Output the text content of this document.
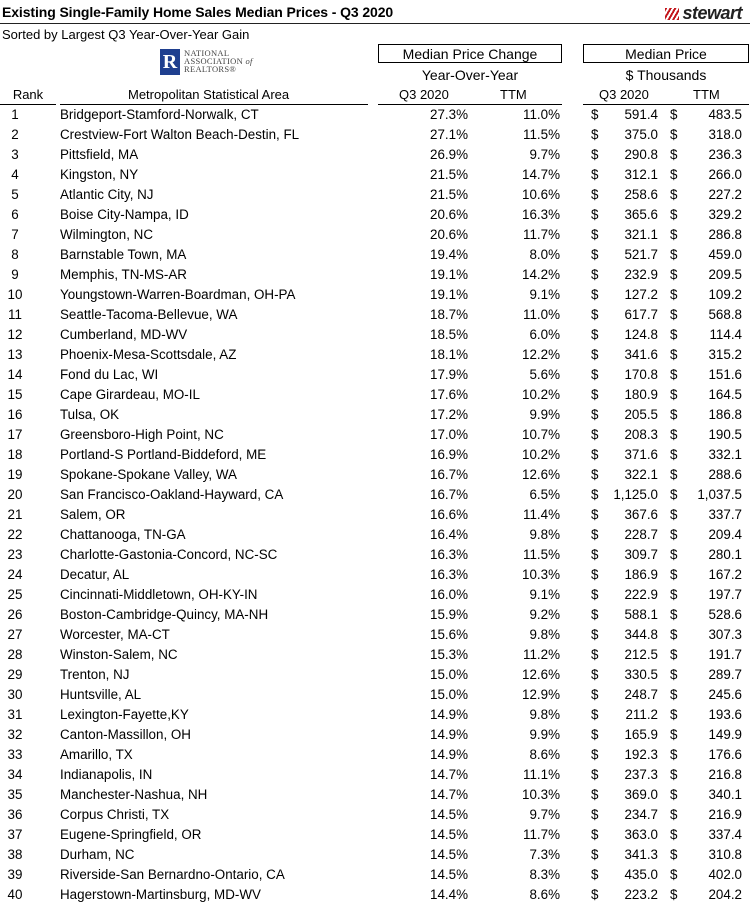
Existing Single-Family Home Sales Median Prices - Q3 2020
Sorted by Largest Q3 Year-Over-Year Gain
stewart
R NATIONAL
ASSOCIATION of
REALTORS®
Median Price Change
Year-Over-Year
Median Price
$ Thousands
Rank	Metropolitan Statistical Area	Q3 2020	TTM	Q3 2020	TTM
1	Bridgeport-Stamford-Norwalk, CT	27.3%	11.0% $ 591.4 $ 483.5
2	Crestview-Fort Walton Beach-Destin, FL	27.1%	11.5% $ 375.0 $ 318.0
3	Pittsfield, MA	26.9%	9.7% $ 290.8 $ 236.3
4	Kingston, NY	21.5%	14.7% $ 312.1 $ 266.0
5	Atlantic City, NJ	21.5%	10.6% $ 258.6 $ 227.2
6	Boise City-Nampa, ID	20.6%	16.3% $ 365.6 $ 329.2
7	Wilmington, NC	20.6%	11.7% $ 321.1 $ 286.8
8	Barnstable Town, MA	19.4%	8.0% $ 521.7 $ 459.0
9	Memphis, TN-MS-AR	19.1%	14.2% $ 232.9 $ 209.5
10	Youngstown-Warren-Boardman, OH-PA	19.1%	9.1% $ 127.2 $ 109.2
11	Seattle-Tacoma-Bellevue, WA	18.7%	11.0% $ 617.7 $ 568.8
12	Cumberland, MD-WV	18.5%	6.0% $ 124.8 $ 114.4
13	Phoenix-Mesa-Scottsdale, AZ	18.1%	12.2% $ 341.6 $ 315.2
14	Fond du Lac, WI	17.9%	5.6% $ 170.8 $ 151.6
15	Cape Girardeau, MO-IL	17.6%	10.2% $ 180.9 $ 164.5
16	Tulsa, OK	17.2%	9.9% $ 205.5 $ 186.8
17	Greensboro-High Point, NC	17.0%	10.7% $ 208.3 $ 190.5
18	Portland-S Portland-Biddeford, ME	16.9%	10.2% $ 371.6 $ 332.1
19	Spokane-Spokane Valley, WA	16.7%	12.6% $ 322.1 $ 288.6
20	San Francisco-Oakland-Hayward, CA	16.7%	6.5% $ 1,125.0 $ 1,037.5
21	Salem, OR	16.6%	11.4% $ 367.6 $ 337.7
22	Chattanooga, TN-GA	16.4%	9.8% $ 228.7 $ 209.4
23	Charlotte-Gastonia-Concord, NC-SC	16.3%	11.5% $ 309.7 $ 280.1
24	Decatur, AL	16.3%	10.3% $ 186.9 $ 167.2
25	Cincinnati-Middletown, OH-KY-IN	16.0%	9.1% $ 222.9 $ 197.7
26	Boston-Cambridge-Quincy, MA-NH	15.9%	9.2% $ 588.1 $ 528.6
27	Worcester, MA-CT	15.6%	9.8% $ 344.8 $ 307.3
28	Winston-Salem, NC	15.3%	11.2% $ 212.5 $ 191.7
29	Trenton, NJ	15.0%	12.6% $ 330.5 $ 289.7
30	Huntsville, AL	15.0%	12.9% $ 248.7 $ 245.6
31	Lexington-Fayette,KY	14.9%	9.8% $ 211.2 $ 193.6
32	Canton-Massillon, OH	14.9%	9.9% $ 165.9 $ 149.9
33	Amarillo, TX	14.9%	8.6% $ 192.3 $ 176.6
34	Indianapolis, IN	14.7%	11.1% $ 237.3 $ 216.8
35	Manchester-Nashua, NH	14.7%	10.3% $ 369.0 $ 340.1
36	Corpus Christi, TX	14.5%	9.7% $ 234.7 $ 216.9
37	Eugene-Springfield, OR	14.5%	11.7% $ 363.0 $ 337.4
38	Durham, NC	14.5%	7.3% $ 341.3 $ 310.8
39	Riverside-San Bernardno-Ontario, CA	14.5%	8.3% $ 435.0 $ 402.0
40	Hagerstown-Martinsburg, MD-WV	14.4%	8.6% $ 223.2 $ 204.2
